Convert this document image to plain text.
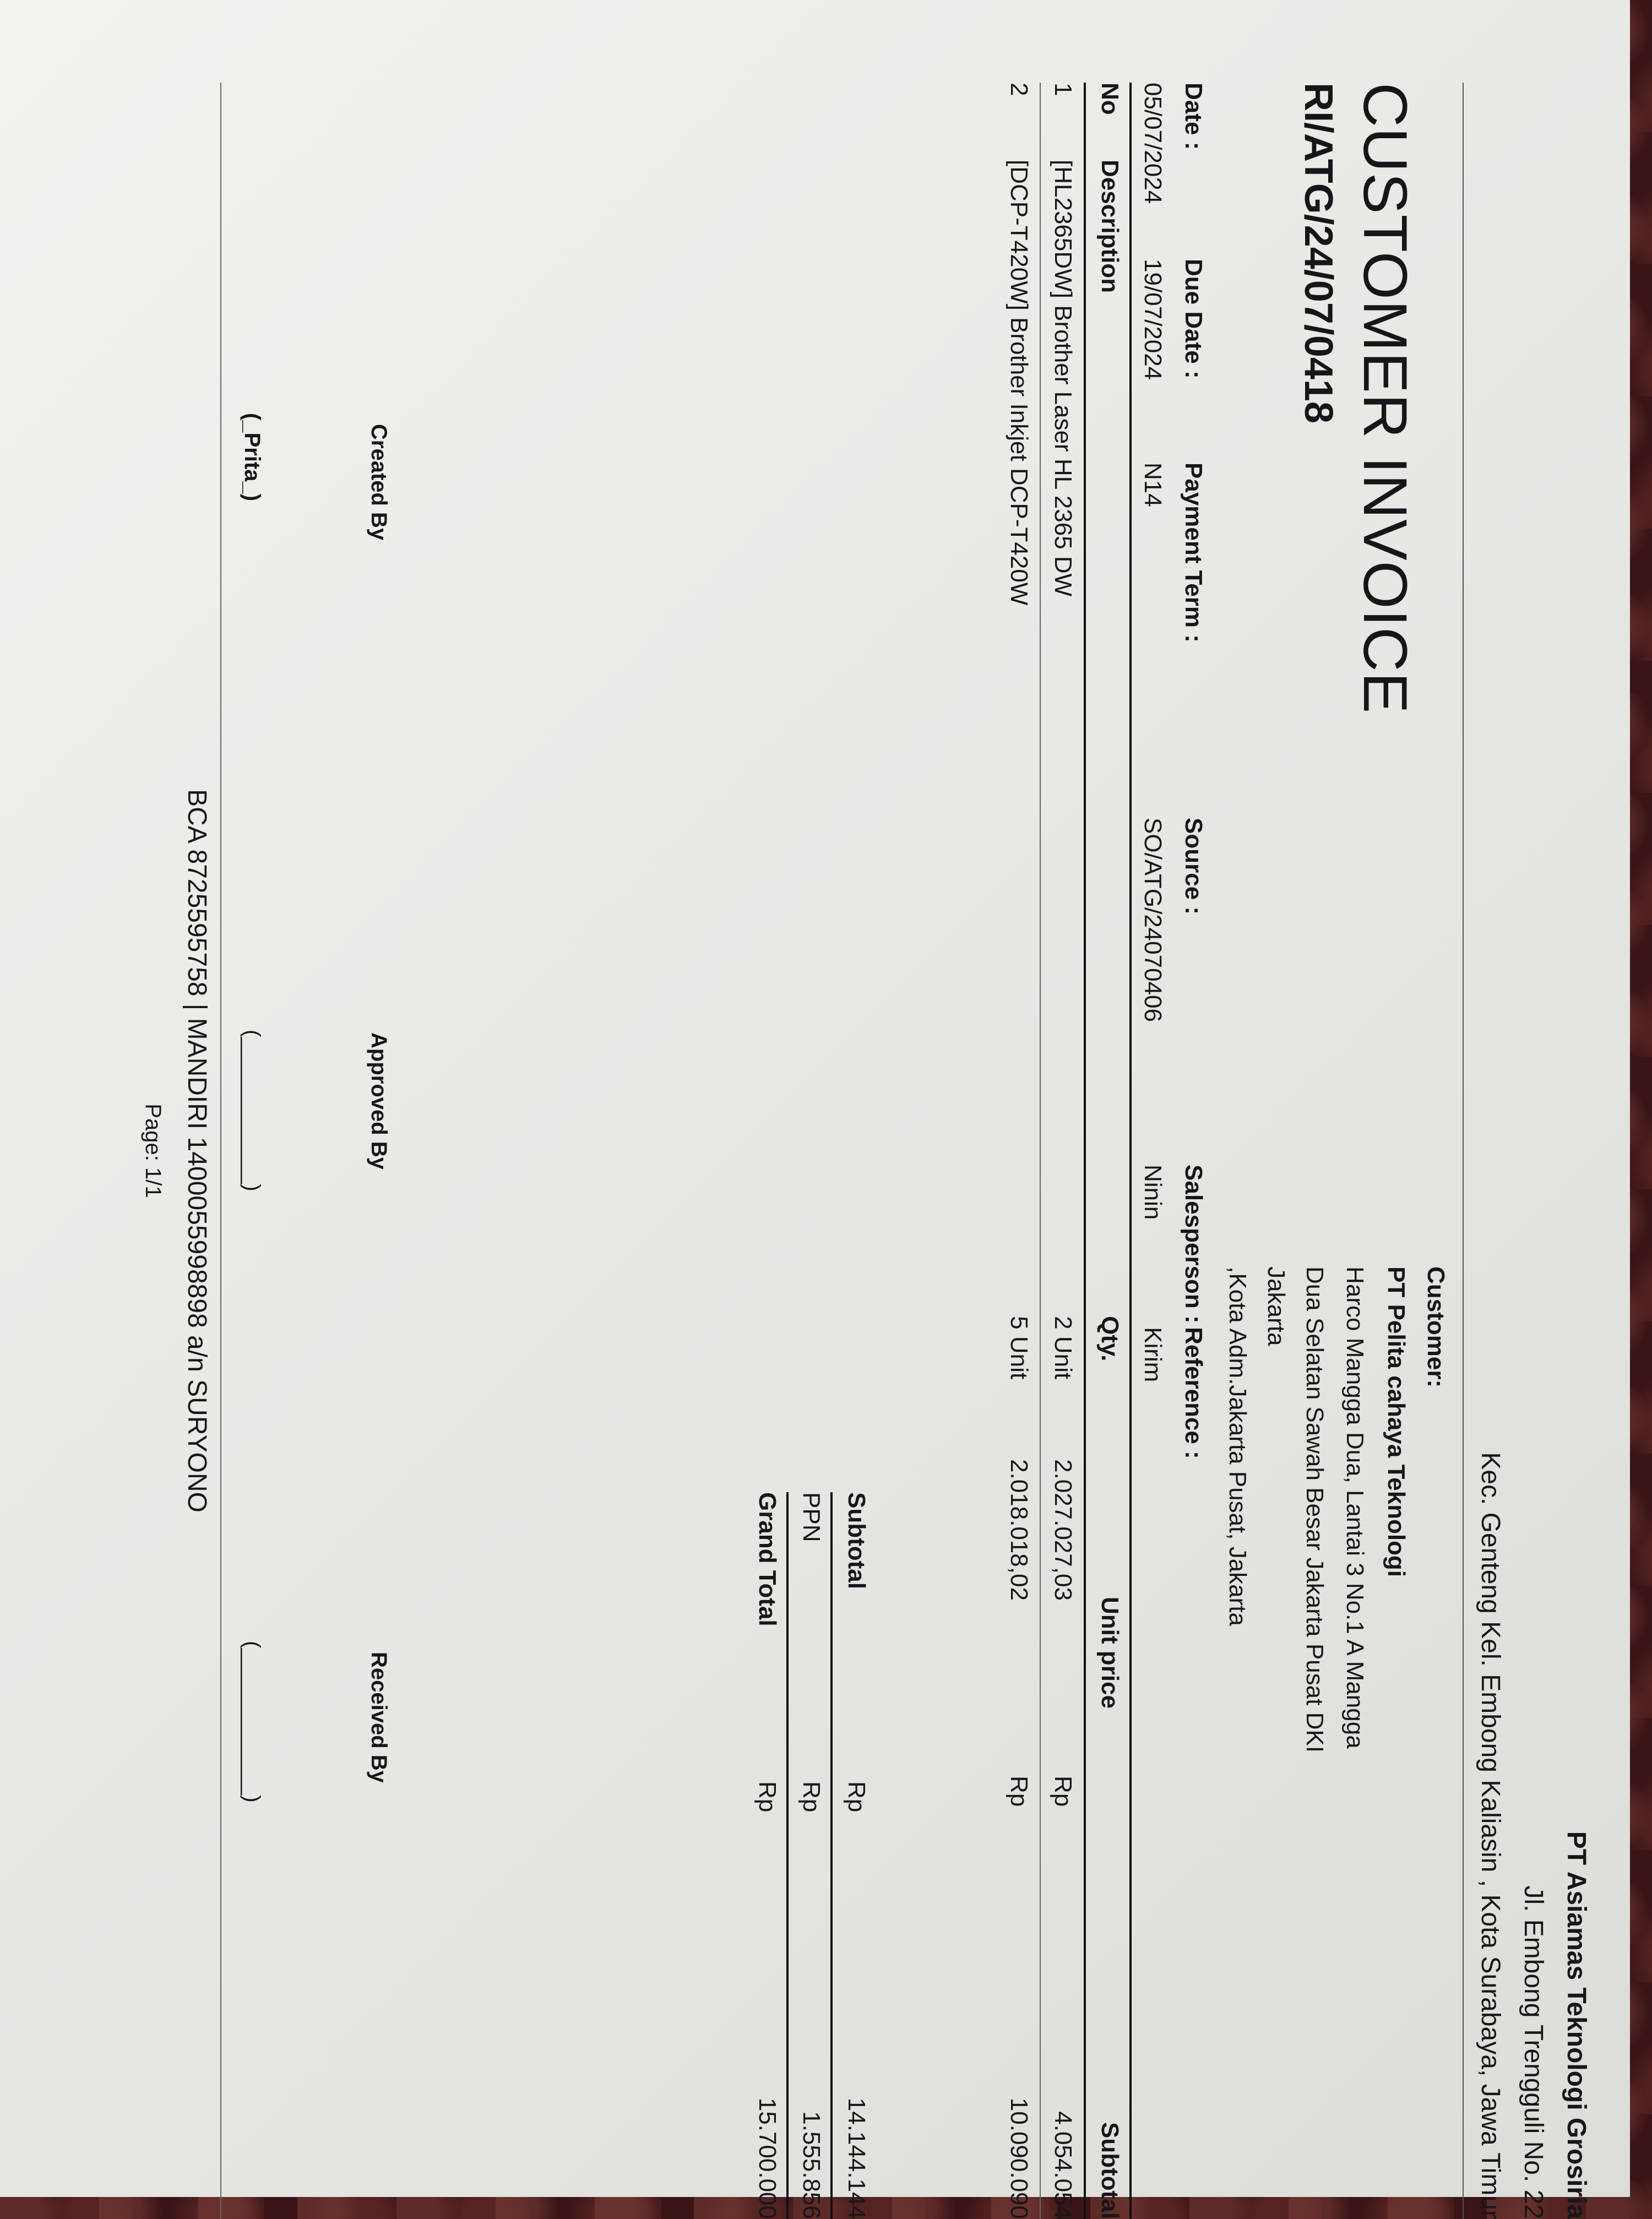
PT Asiamas Teknologi Grosiria
Jl. Embong Trengguli No. 22
Kec. Genteng Kel. Embong Kaliasin , Kota Surabaya, Jawa Timur
Customer:
PT Pelita cahaya Teknologi
Harco Mangga Dua, Lantai 3 No.1 A Mangga
Dua Selatan Sawah Besar Jakarta Pusat DKI
Jakarta
,Kota Adm.Jakarta Pusat, Jakarta
CUSTOMER INVOICE
RI/ATG/24/07/0418
Date :
05/07/2024
Due Date :
19/07/2024
Payment Term :
N14
Source :
SO/ATG/24070406
Salesperson :
Ninin
Reference :
Kirim
No
Description
Qty.
Unit price
Subtotal
1
[HL2365DW] Brother Laser HL 2365 DW
2 Unit
2.027.027,03
Rp
4.054.054
2
[DCP-T420W] Brother Inkjet DCP-T420W
5 Unit
2.018.018,02
Rp
10.090.090
Subtotal
Rp
14.144.144
PPN
Rp
1.555.856
Grand Total
Rp
15.700.000
Created By
Approved By
Received By
(_Prita_)
(____________)
(____________)
BCA 8725595758 | MANDIRI 1400055998898 a/n SURYONO
Page: 1/1
